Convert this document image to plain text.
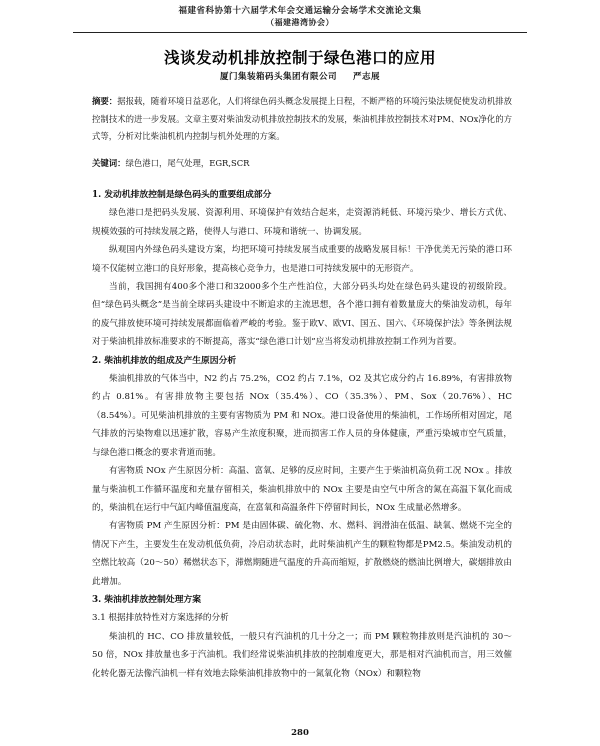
福建省科协第十六届学术年会交通运输分会场学术交流论文集
（福建港湾协会）
浅谈发动机排放控制于绿色港口的应用
厦门集装箱码头集团有限公司 严志展
摘要：据报载，随着环境日益恶化，人们将绿色码头概念发展提上日程，不断严格的环境污染法规促使发动机排放控制技术的进一步发展。文章主要对柴油发动机排放控制技术的发展，柴油机排放控制技术对PM、NOx净化的方式等，分析对比柴油机机内控制与机外处理的方案。
关键词：绿色港口，尾气处理，EGR,SCR
1. 发动机排放控制是绿色码头的重要组成部分

绿色港口是把码头发展、资源利用、环境保护有效结合起来，走资源消耗低、环境污染少、增长方式优、规模效强的可持续发展之路，使得人与港口、环境和谐统一、协调发展。

纵观国内外绿色码头建设方案，均把环境可持续发展当成重要的战略发展目标！干净优美无污染的港口环境不仅能树立港口的良好形象，提高核心竞争力，也是港口可持续发展中的无形资产。

当前，我国拥有400多个港口和32000多个生产性泊位，大部分码头均处在绿色码头建设的初级阶段。但“绿色码头概念”是当前全球码头建设中不断追求的主流思想，各个港口拥有着数量庞大的柴油发动机，每年的废气排放使环境可持续发展都面临着严峻的考验。鉴于欧V、欧VI、国五、国六、《环境保护法》等条例法规对于柴油机排放标准要求的不断提高，落实“绿色港口计划”应当将发动机排放控制工作列为首要。

2. 柴油机排放的组成及产生原因分析

柴油机排放的气体当中，N2 约占 75.2%，CO2 约占 7.1%，O2 及其它成分约占 16.89%，有害排放物约占 0.81%。有害排放物主要包括 NOx（35.4%）、CO（35.3%）、PM、Sox（20.76%）、HC（8.54%）。可见柴油机排放的主要有害物质为 PM 和 NOx。港口设备使用的柴油机，工作场所相对固定，尾气排放的污染物难以迅速扩散，容易产生浓度积聚，进而损害工作人员的身体健康，严重污染城市空气质量，与绿色港口概念的要求背道而驰。

有害物质 NOx 产生原因分析：高温、富氧、足够的反应时间，主要产生于柴油机高负荷工况 NOx 。排放量与柴油机工作循环温度和充量存留相关，柴油机排放中的 NOx 主要是由空气中所含的氮在高温下氧化而成的，柴油机在运行中气缸内峰值温度高，在富氧和高温条件下停留时间长，NOx 生成量必然增多。

有害物质 PM 产生原因分析：PM 是由固体碳、硫化物、水、燃料、润滑油在低温、缺氧、燃烧不完全的情况下产生，主要发生在发动机低负荷，冷启动状态时，此时柴油机产生的颗粒物都是PM2.5。柴油发动机的空燃比较高（20～50）稀燃状态下，滞燃期随进气温度的升高而缩短，扩散燃烧的燃油比例增大，碳烟排放由此增加。

3. 柴油机排放控制处理方案
3.1 根据排放特性对方案选择的分析

柴油机的 HC、CO 排放量较低，一般只有汽油机的几十分之一；而 PM 颗粒物排放则是汽油机的 30～50 倍，NOx 排放量也多于汽油机。我们经常说柴油机排放的控制难度更大，那是相对汽油机而言，用三效催化转化器无法像汽油机一样有效地去除柴油机排放物中的一氮氧化物（NOx）和颗粒物

280
